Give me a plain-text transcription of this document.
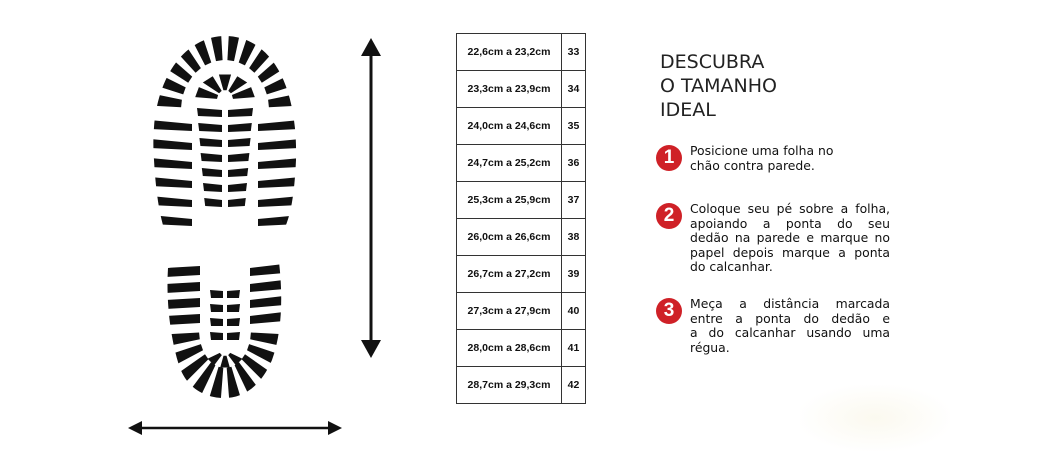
22,6cm a 23,2cm	33
23,3cm a 23,9cm	34
24,0cm a 24,6cm	35
24,7cm a 25,2cm	36
25,3cm a 25,9cm	37
26,0cm a 26,6cm	38
26,7cm a 27,2cm	39
27,3cm a 27,9cm	40
28,0cm a 28,6cm	41
28,7cm a 29,3cm	42
DESCUBRA
O TAMANHO
IDEAL
1	Posicione uma folha no
chão contra parede.
2	Coloque seu pé sobre a folha,
apoiando a ponta do seu
dedão na parede e marque no
papel depois marque a ponta
do calcanhar.
3	Meça a distância marcada
entre a ponta do dedão e
a do calcanhar usando uma
régua.
